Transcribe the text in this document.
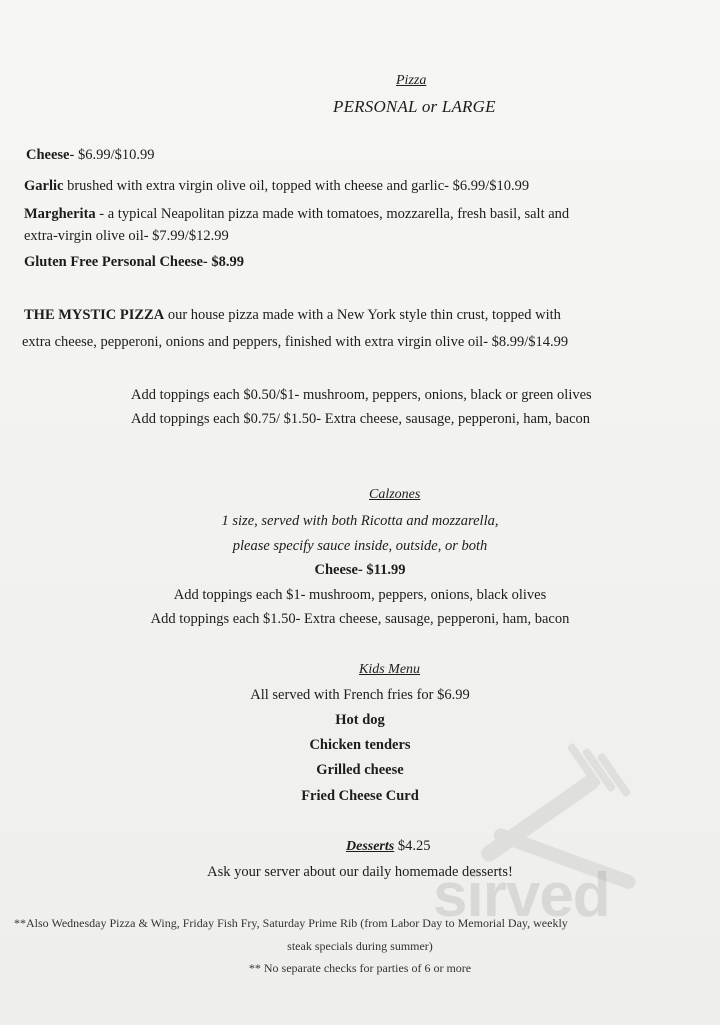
Pizza
PERSONAL or LARGE
Cheese- $6.99/$10.99
Garlic brushed with extra virgin olive oil, topped with cheese and garlic- $6.99/$10.99
Margherita - a typical Neapolitan pizza made with tomatoes, mozzarella, fresh basil, salt and
extra-virgin olive oil- $7.99/$12.99
Gluten Free Personal Cheese- $8.99
THE MYSTIC PIZZA our house pizza made with a New York style thin crust, topped with
extra cheese, pepperoni, onions and peppers, finished with extra virgin olive oil- $8.99/$14.99
Add toppings each $0.50/$1- mushroom, peppers, onions, black or green olives
Add toppings each $0.75/ $1.50- Extra cheese, sausage, pepperoni, ham, bacon
Calzones
1 size, served with both Ricotta and mozzarella,
please specify sauce inside, outside, or both
Cheese- $11.99
Add toppings each $1- mushroom, peppers, onions, black olives
Add toppings each $1.50- Extra cheese, sausage, pepperoni, ham, bacon
Kids Menu
All served with French fries for $6.99
Hot dog
Chicken tenders
Grilled cheese
Fried Cheese Curd
Desserts $4.25
Ask your server about our daily homemade desserts!
**Also Wednesday Pizza & Wing, Friday Fish Fry, Saturday Prime Rib (from Labor Day to Memorial Day, weekly
steak specials during summer)
** No separate checks for parties of 6 or more
sirved
